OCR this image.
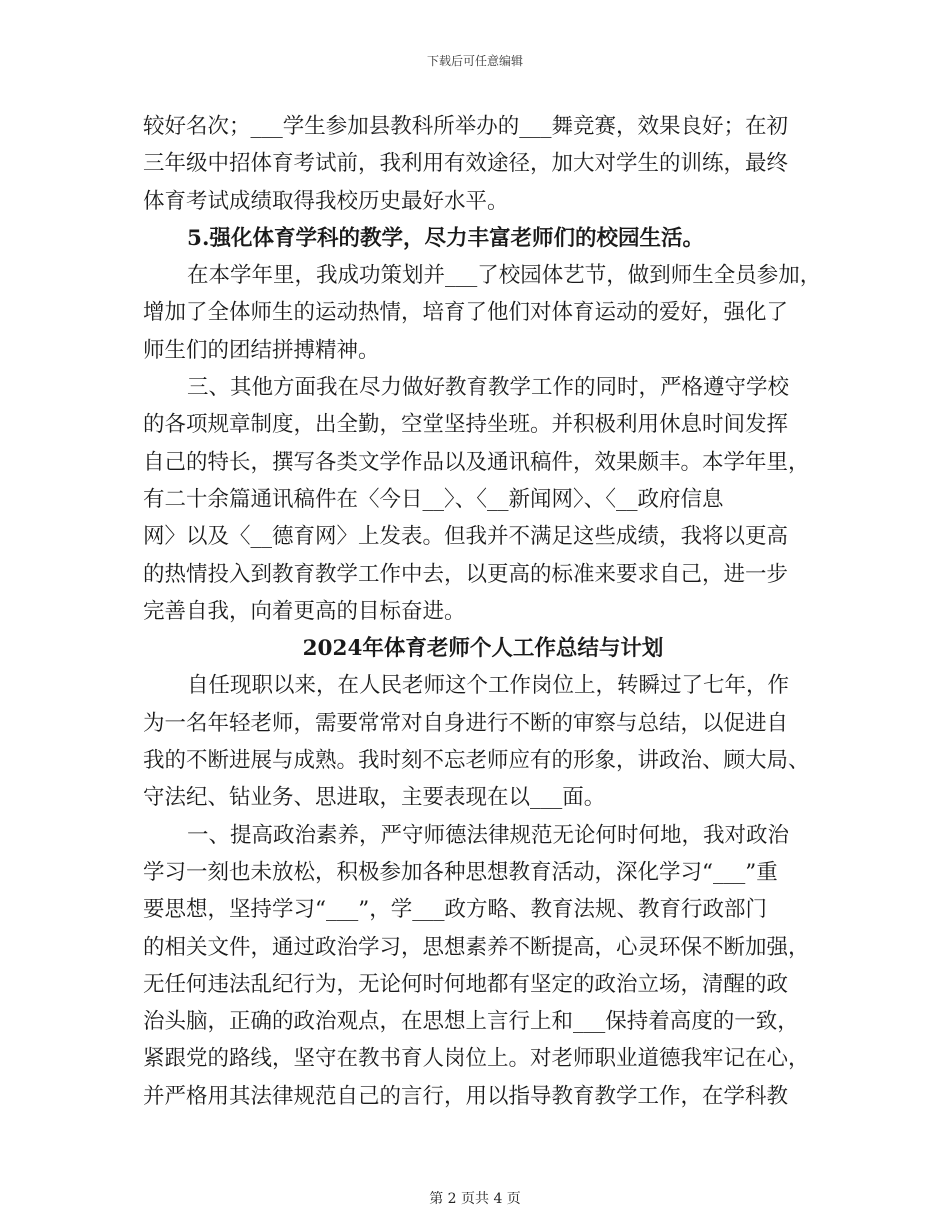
下载后可任意编辑
较好名次；___学生参加县教科所举办的___舞竞赛，效果良好；在初
三年级中招体育考试前，我利用有效途径，加大对学生的训练，最终
体育考试成绩取得我校历史最好水平。
5.强化体育学科的教学，尽力丰富老师们的校园生活。
在本学年里，我成功策划并___了校园体艺节，做到师生全员参加，
增加了全体师生的运动热情，培育了他们对体育运动的爱好，强化了
师生们的团结拼搏精神。
三、其他方面我在尽力做好教育教学工作的同时，严格遵守学校
的各项规章制度，出全勤，空堂坚持坐班。并积极利用休息时间发挥
自己的特长，撰写各类文学作品以及通讯稿件，效果颇丰。本学年里，
有二十余篇通讯稿件在〈今日__〉、〈__新闻网〉、〈__政府信息
网〉以及〈__德育网〉上发表。但我并不满足这些成绩，我将以更高
的热情投入到教育教学工作中去，以更高的标准来要求自己，进一步
完善自我，向着更高的目标奋进。
2024年体育老师个人工作总结与计划
自任现职以来，在人民老师这个工作岗位上，转瞬过了七年，作
为一名年轻老师，需要常常对自身进行不断的审察与总结，以促进自
我的不断进展与成熟。我时刻不忘老师应有的形象，讲政治、顾大局、
守法纪、钻业务、思进取，主要表现在以___面。
一、提高政治素养，严守师德法律规范无论何时何地，我对政治
学习一刻也未放松，积极参加各种思想教育活动，深化学习“___”重
要思想，坚持学习“___”，学___政方略、教育法规、教育行政部门
的相关文件，通过政治学习，思想素养不断提高，心灵环保不断加强，
无任何违法乱纪行为，无论何时何地都有坚定的政治立场，清醒的政
治头脑，正确的政治观点，在思想上言行上和___保持着高度的一致，
紧跟党的路线，坚守在教书育人岗位上。对老师职业道德我牢记在心，
并严格用其法律规范自己的言行，用以指导教育教学工作，在学科教
第 2 页共 4 页
